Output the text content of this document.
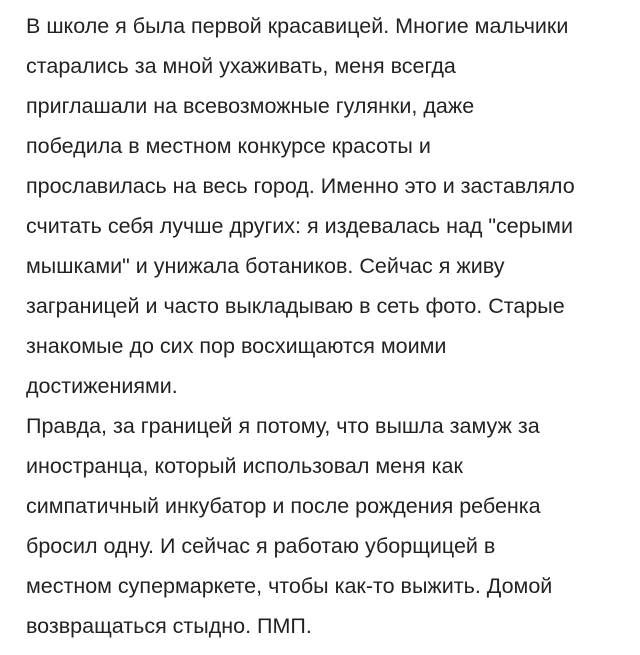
В школе я была первой красавицей. Многие мальчики

старались за мной ухаживать, меня всегда

приглашали на всевозможные гулянки, даже

победила в местном конкурсе красоты и

прославилась на весь город. Именно это и заставляло

считать себя лучше других: я издевалась над "серыми

мышками" и унижала ботаников. Сейчас я живу

заграницей и часто выкладываю в сеть фото. Старые

знакомые до сих пор восхищаются моими

достижениями.

Правда, за границей я потому, что вышла замуж за

иностранца, который использовал меня как

симпатичный инкубатор и после рождения ребенка

бросил одну. И сейчас я работаю уборщицей в

местном супермаркете, чтобы как-то выжить. Домой

возвращаться стыдно. ПМП.
